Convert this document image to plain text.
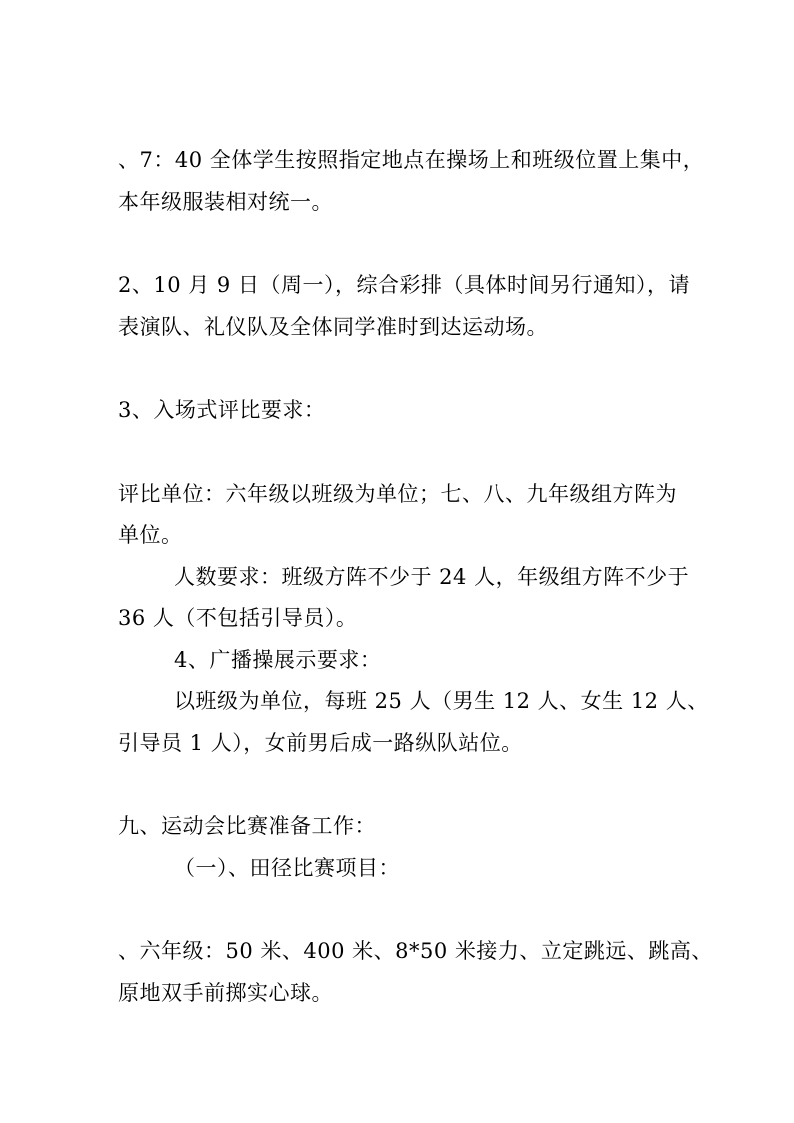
、7：40 全体学生按照指定地点在操场上和班级位置上集中，
本年级服装相对统一。
2、10 月 9 日（周一），综合彩排（具体时间另行通知），请
表演队、礼仪队及全体同学准时到达运动场。
3、入场式评比要求：
评比单位：六年级以班级为单位；七、八、九年级组方阵为
单位。
人数要求：班级方阵不少于 24 人，年级组方阵不少于
36 人（不包括引导员）。
4、广播操展示要求：
以班级为单位，每班 25 人（男生 12 人、女生 12 人、
引导员 1 人），女前男后成一路纵队站位。
九、运动会比赛准备工作：
（一）、田径比赛项目：
、六年级：50 米、400 米、8*50 米接力、立定跳远、跳高、
原地双手前掷实心球。
